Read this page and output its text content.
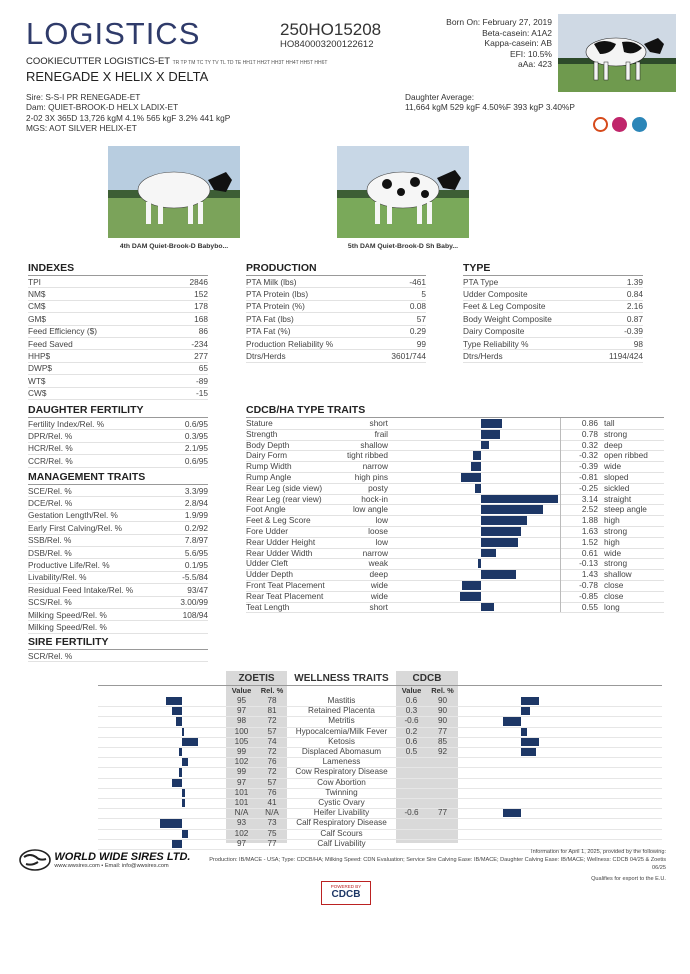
LOGISTICS
COOKIECUTTER LOGISTICS-ET TR TP TM TC TY TV TL TD TE HH1T HH2T HH3T HH4T HH5T HH6T
RENEGADE X HELIX X DELTA
250HO15208
HO840003200122612
Born On: February 27, 2019
Beta-casein: A1A2
Kappa-casein: AB
EFI: 10.5%
aAa: 423
Sire: S-S-I PR RENEGADE-ET
Dam: QUIET-BROOK-D HELX LADIX-ET
2-02 3X 365D 13,726 kgM 4.1% 565 kgF 3.2% 441 kgP
MGS: AOT SILVER HELIX-ET
Daughter Average:
11,664 kgM 529 kgF 4.50%F 393 kgP 3.40%P

4th DAM Quiet-Brook-D Babybo...	5th DAM Quiet-Brook-D Sh Baby...
INDEXES
TPI	2846
NM$	152
CM$	178
GM$	168
Feed Efficiency ($)	86
Feed Saved	-234
HHP$	277
DWP$	65
WT$	-89
CW$	-15
PRODUCTION
PTA Milk (lbs)	-461
PTA Protein (lbs)	5
PTA Protein (%)	0.08
PTA Fat (lbs)	57
PTA Fat (%)	0.29
Production Reliability %	99
Dtrs/Herds	3601/744
TYPE
PTA Type	1.39
Udder Composite	0.84
Feet & Leg Composite	2.16
Body Weight Composite	0.87
Dairy Composite	-0.39
Type Reliability %	98
Dtrs/Herds	1194/424
DAUGHTER FERTILITY
Fertility Index/Rel. %	0.6/95
DPR/Rel. %	0.3/95
HCR/Rel. %	2.1/95
CCR/Rel. %	0.6/95
MANAGEMENT TRAITS
SCE/Rel. %	3.3/99
DCE/Rel. %	2.8/94
Gestation Length/Rel. %	1.9/99
Early First Calving/Rel. %	0.2/92
SSB/Rel. %	7.8/97
DSB/Rel. %	5.6/95
Productive Life/Rel. %	0.1/95
Livability/Rel. %	-5.5/84
Residual Feed Intake/Rel. %	93/47
SCS/Rel. %	3.00/99
Milking Speed/Rel. %	108/94
Milking Speed/Rel. %	
SIRE FERTILITY
SCR/Rel. %	
CDCB/HA TYPE TRAITS
Stature	short	0.86 tall
Strength	frail	0.78 strong
Body Depth	shallow	0.32 deep
Dairy Form	tight ribbed	-0.32 open ribbed
Rump Width	narrow	-0.39 wide
Rump Angle	high pins	-0.81 sloped
Rear Leg (side view)	posty	-0.25 sickled
Rear Leg (rear view)	hock-in	3.14 straight
Foot Angle	low angle	2.52 steep angle
Feet & Leg Score	low	1.88 high
Fore Udder	loose	1.63 strong
Rear Udder Height	low	1.52 high
Rear Udder Width	narrow	0.61 wide
Udder Cleft	weak	-0.13 strong
Udder Depth	deep	1.43 shallow
Front Teat Placement	wide	-0.78 close
Rear Teat Placement	wide	-0.85 close
Teat Length	short	0.55 long
ZOETIS	WELLNESS TRAITS	CDCB
Value	Rel. %	Value	Rel. %
95	78	Mastitis	0.6	90
97	81	Retained Placenta	0.3	90
98	72	Metritis	-0.6	90
100	57	Hypocalcemia/Milk Fever	0.2	77
105	74	Ketosis	0.6	85
99	72	Displaced Abomasum	0.5	92
102	76	Lameness
99	72	Cow Respiratory Disease
97	57	Cow Abortion
101	76	Twinning
101	41	Cystic Ovary
N/A	N/A	Heifer Livability	-0.6	77
93	73	Calf Respiratory Disease
102	75	Calf Scours
97	77	Calf Livability

WORLD WIDE SIRES LTD.
www.wwsires.com • Email: info@wwsires.com
Information for April 1, 2025, provided by the following:
Production: IB/MACE - USA; Type: CDCB/HA; Milking Speed: CDN Evaluation; Service Sire Calving Ease: IB/MACE; Daughter Calving Ease: IB/MACE; Wellness: CDCB 04/25 & Zoetis
06/25
Qualifies for export to the E.U.
POWERED BY
CDCB
